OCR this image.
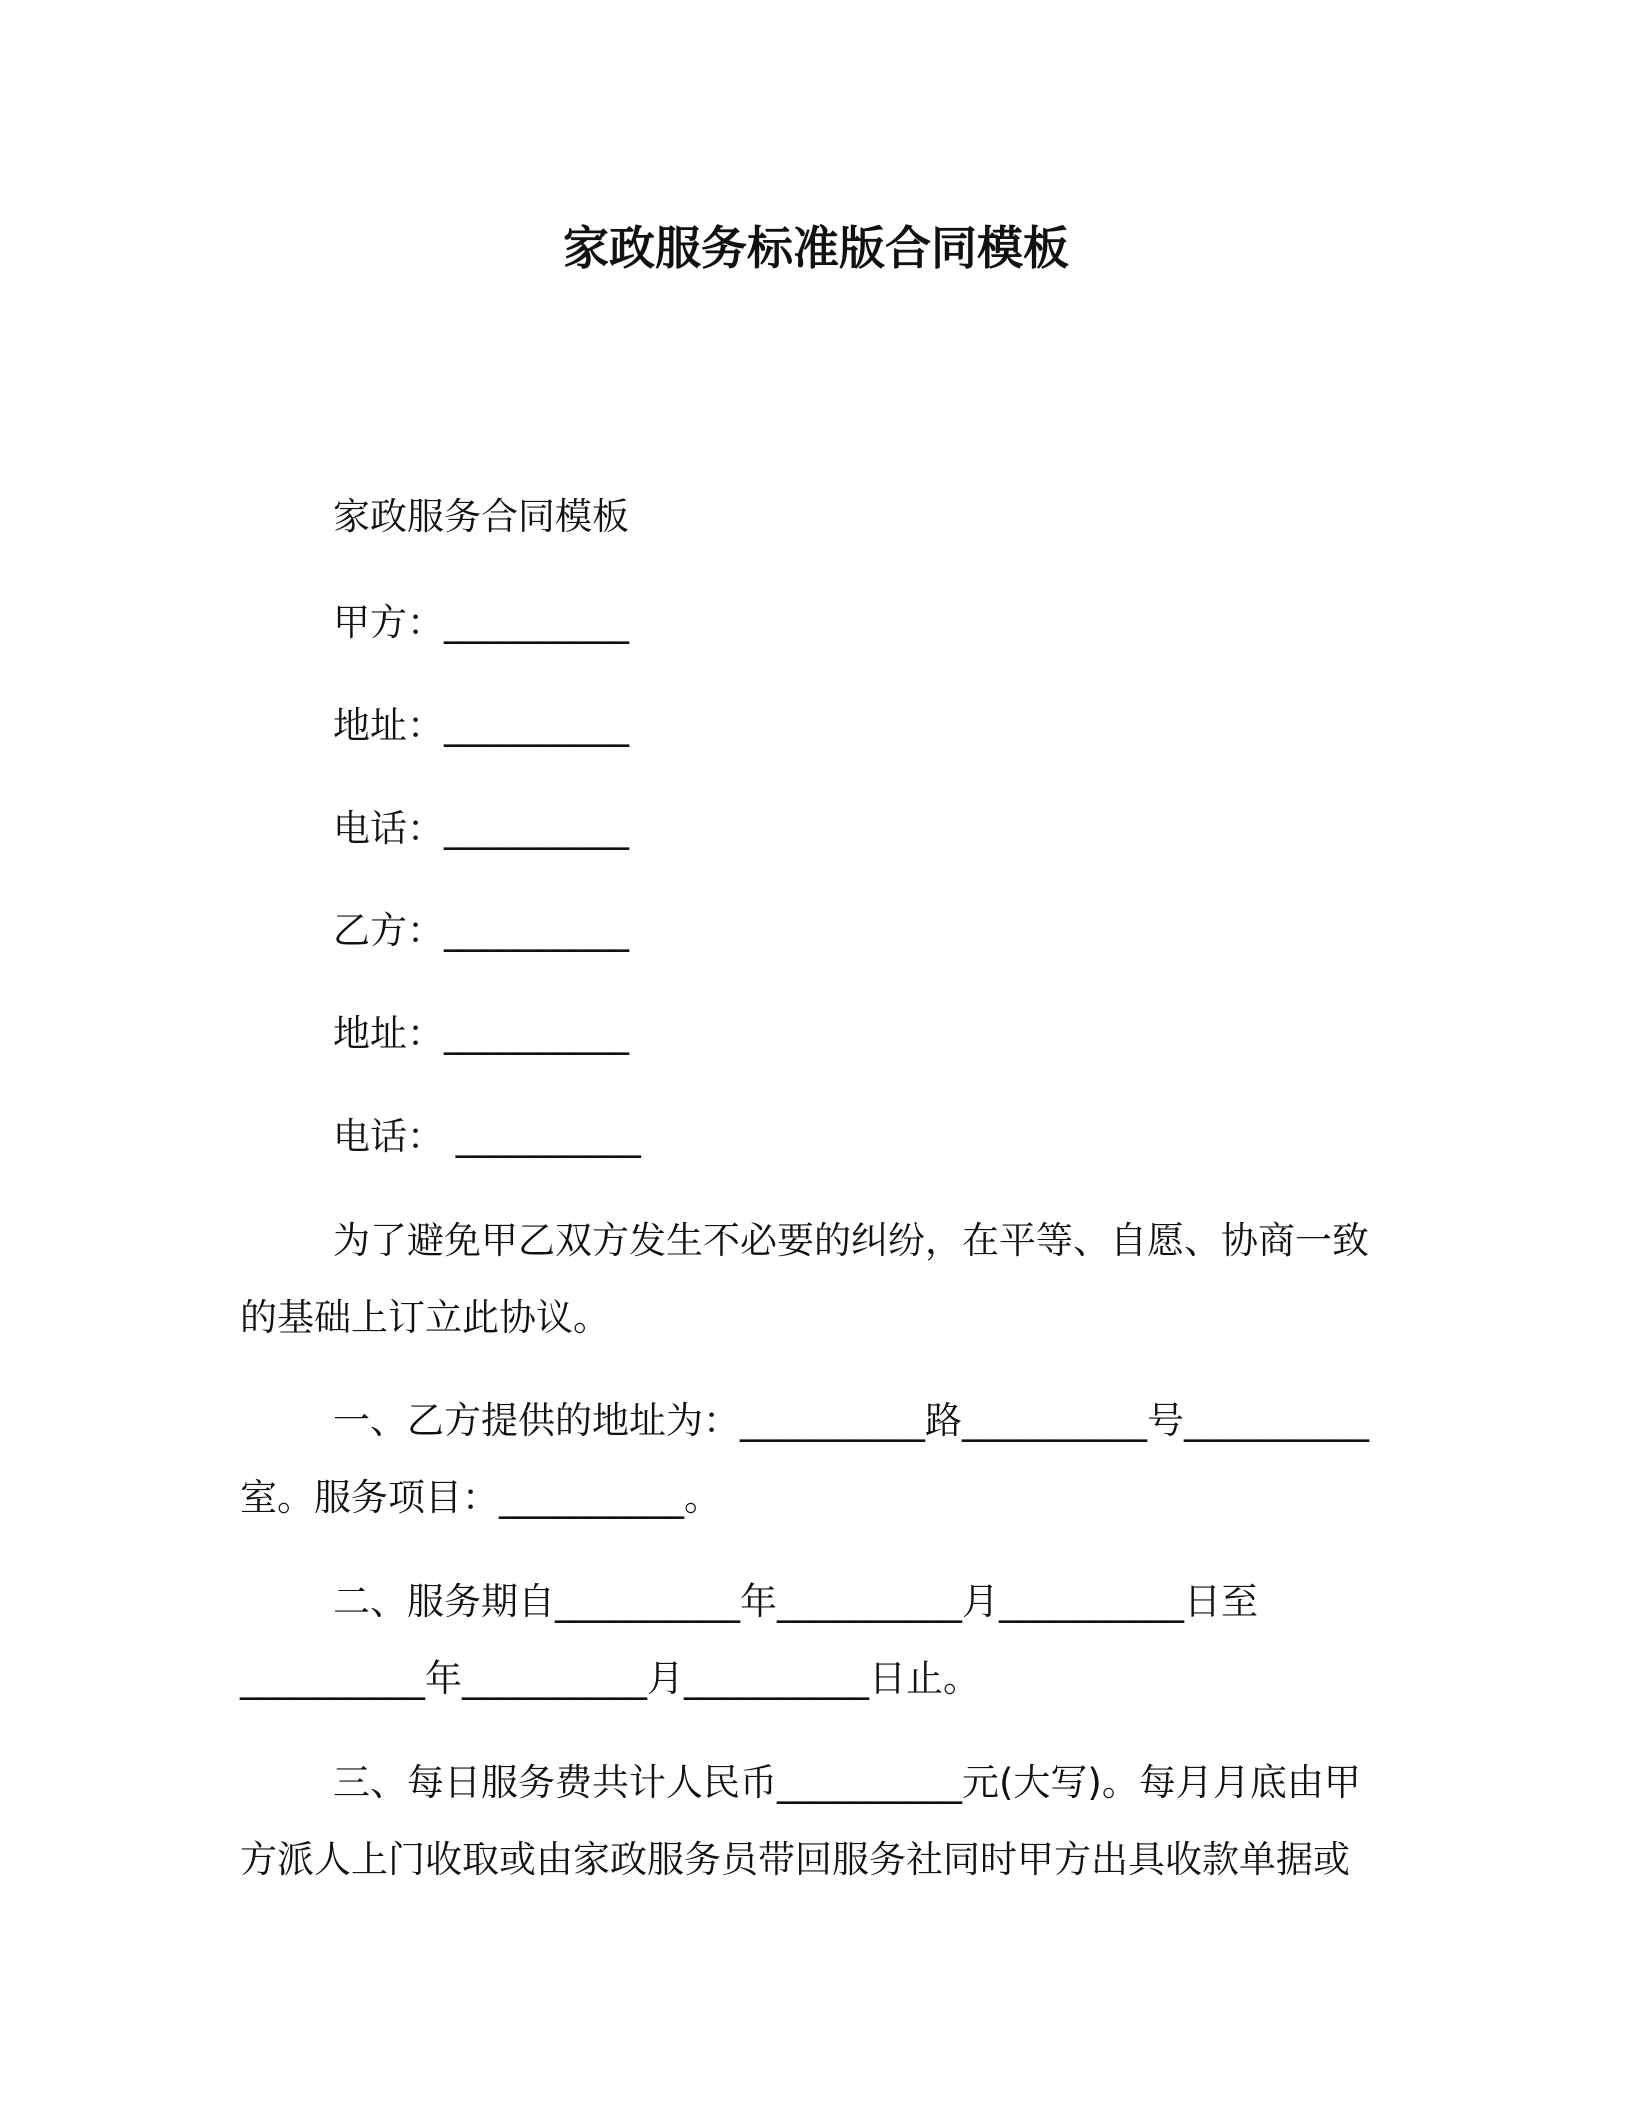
家政服务标准版合同模板
家政服务合同模板
甲方：__________
地址：__________
电话：__________
乙方：__________
地址：__________
电话： __________
为了避免甲乙双方发生不必要的纠纷，在平等、自愿、协商一致
的基础上订立此协议。
一、乙方提供的地址为：__________路__________号__________
室。服务项目：__________。
二、服务期自__________年__________月__________日至
__________年__________月__________日止。
三、每日服务费共计人民币__________元(大写)。每月月底由甲
方派人上门收取或由家政服务员带回服务社同时甲方出具收款单据或
